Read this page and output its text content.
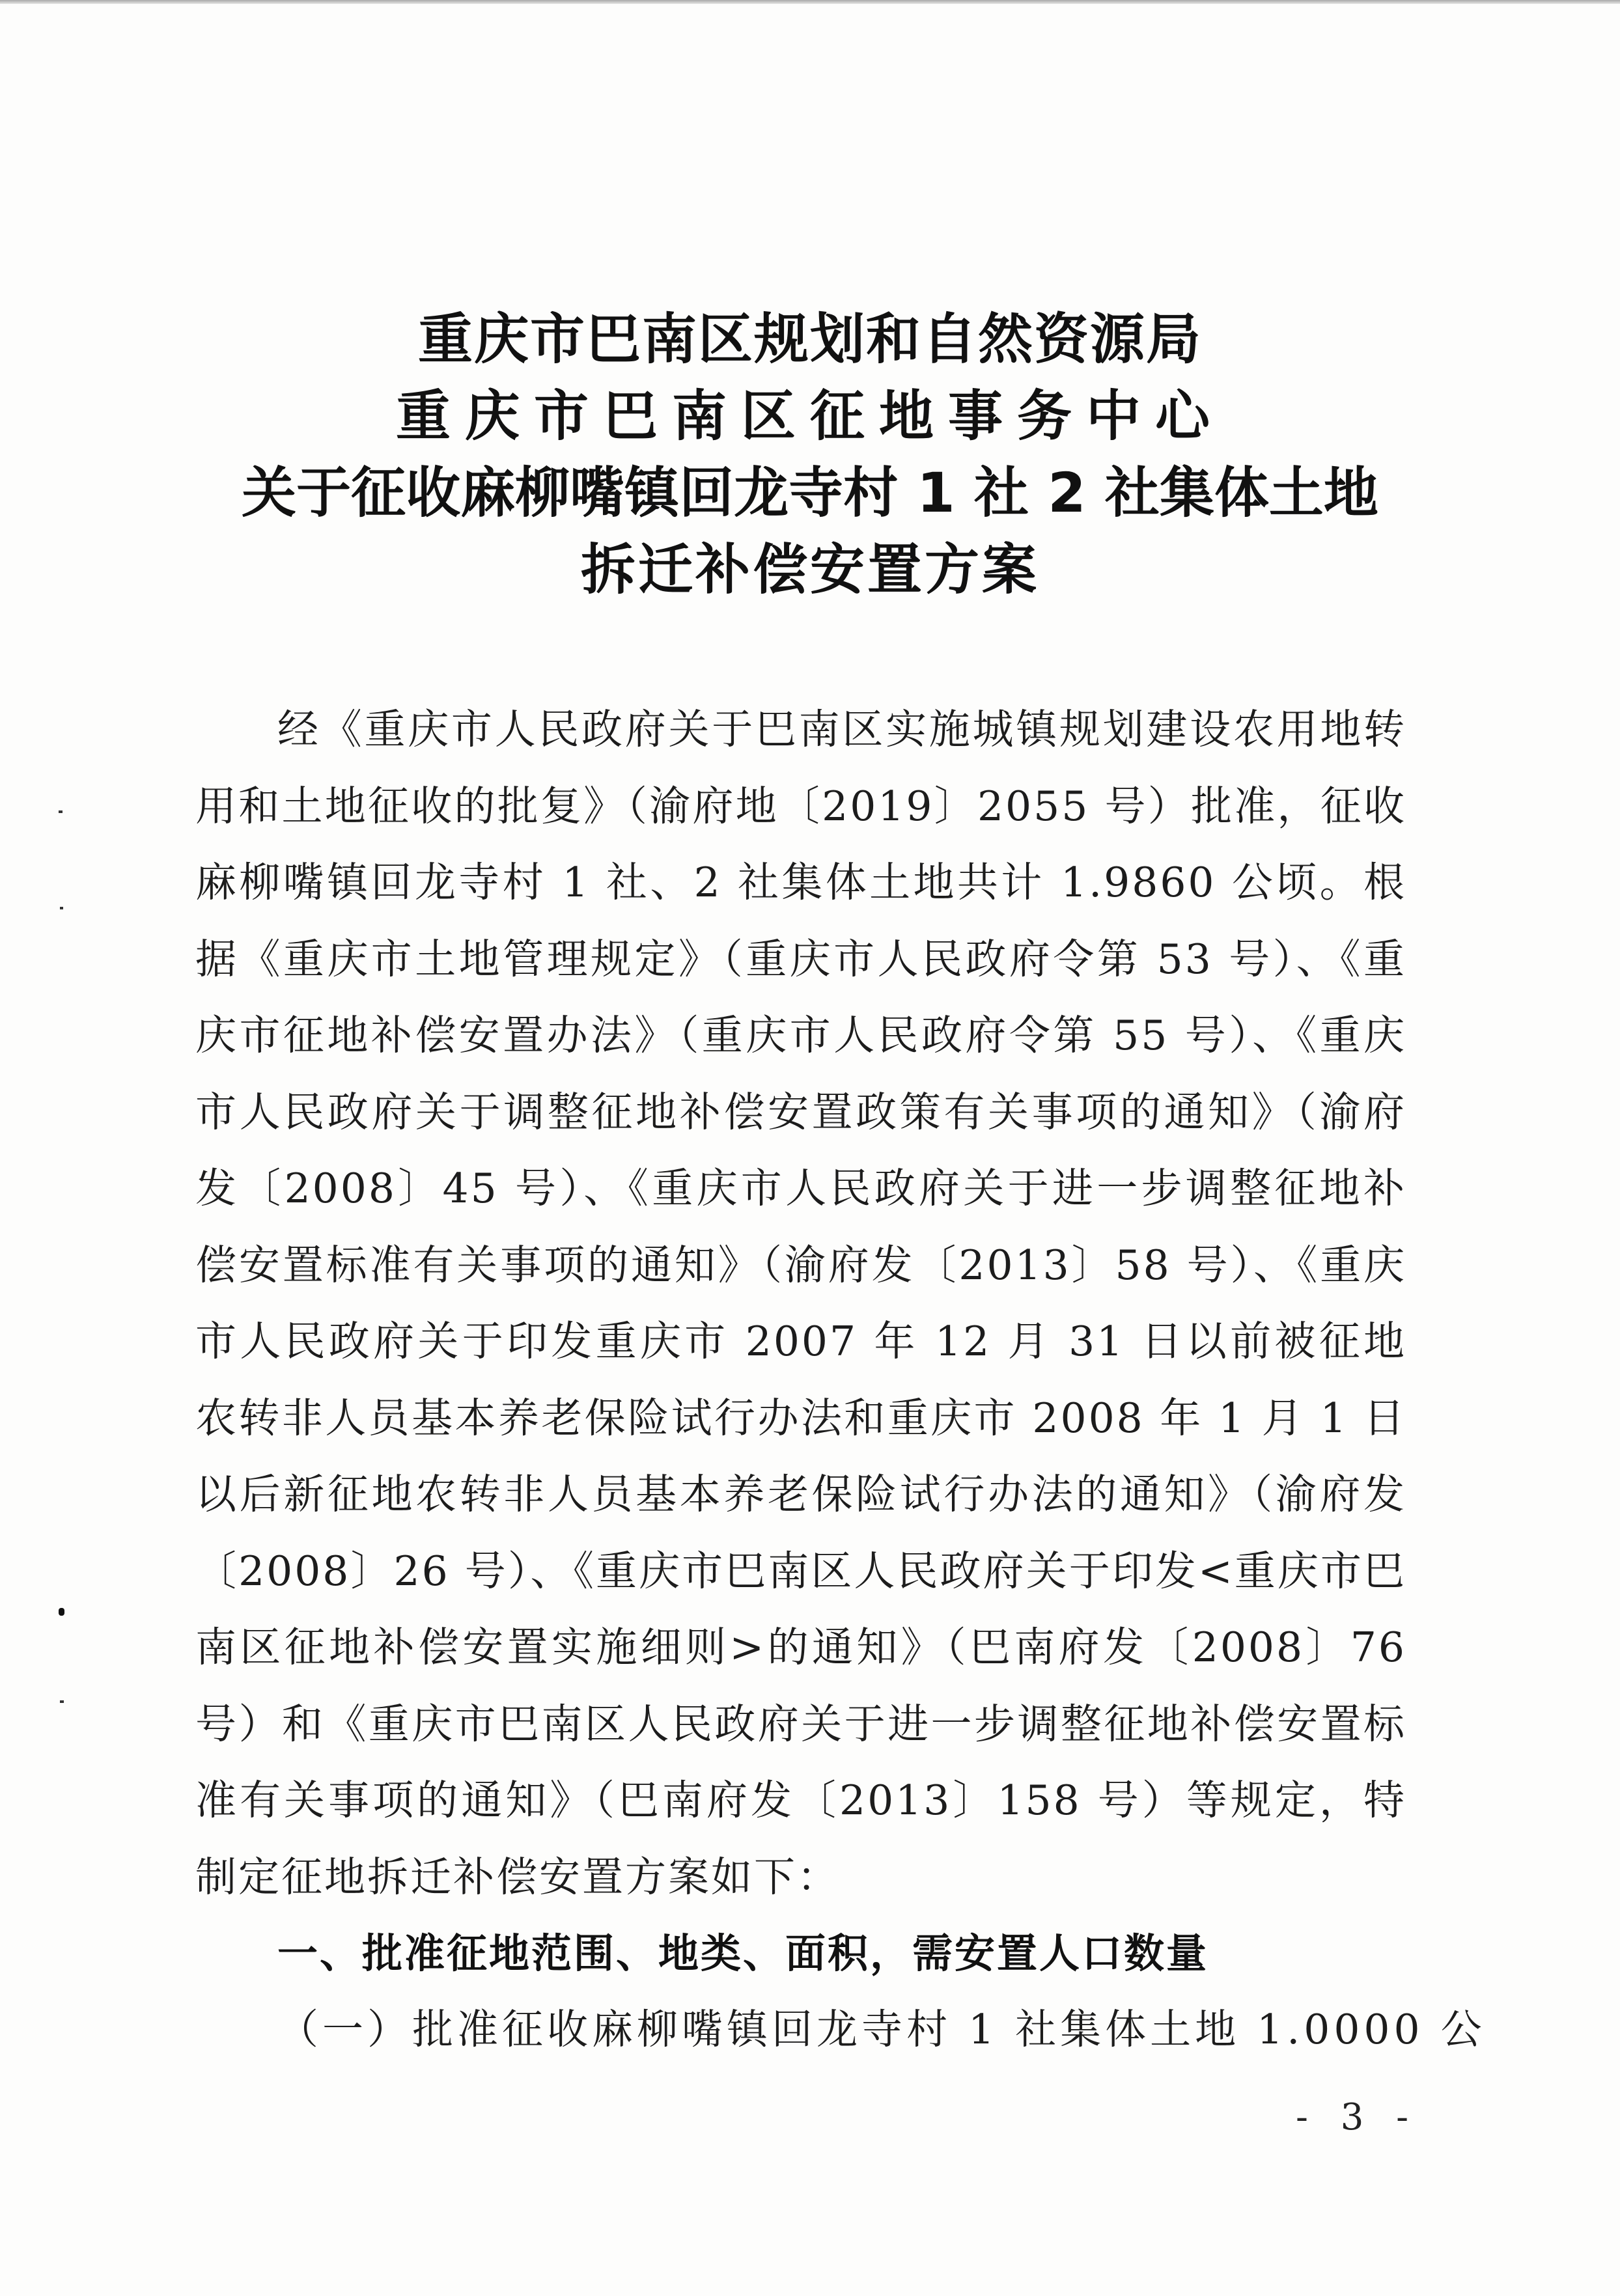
重庆市巴南区规划和自然资源局
重庆市巴南区征地事务中心
关于征收麻柳嘴镇回龙寺村 1 社 2 社集体土地
拆迁补偿安置方案

经《重庆市人民政府关于巴南区实施城镇规划建设农用地转用和土地征收的批复》（渝府地〔2019〕2055 号）批准，征收麻柳嘴镇回龙寺村 1 社、2 社集体土地共计 1.9860 公顷。根据《重庆市土地管理规定》（重庆市人民政府令第 53 号）、《重庆市征地补偿安置办法》（重庆市人民政府令第 55 号）、《重庆市人民政府关于调整征地补偿安置政策有关事项的通知》（渝府发〔2008〕45 号）、《重庆市人民政府关于进一步调整征地补偿安置标准有关事项的通知》（渝府发〔2013〕58 号）、《重庆市人民政府关于印发重庆市 2007 年 12 月 31 日以前被征地农转非人员基本养老保险试行办法和重庆市 2008 年 1 月 1 日以后新征地农转非人员基本养老保险试行办法的通知》（渝府发〔2008〕26 号）、《重庆市巴南区人民政府关于印发<重庆市巴南区征地补偿安置实施细则>的通知》（巴南府发〔2008〕76 号）和《重庆市巴南区人民政府关于进一步调整征地补偿安置标准有关事项的通知》（巴南府发〔2013〕158 号）等规定，特制定征地拆迁补偿安置方案如下：

一、批准征地范围、地类、面积，需安置人口数量

（一）批准征收麻柳嘴镇回龙寺村 1 社集体土地 1.0000 公

- 3 -
